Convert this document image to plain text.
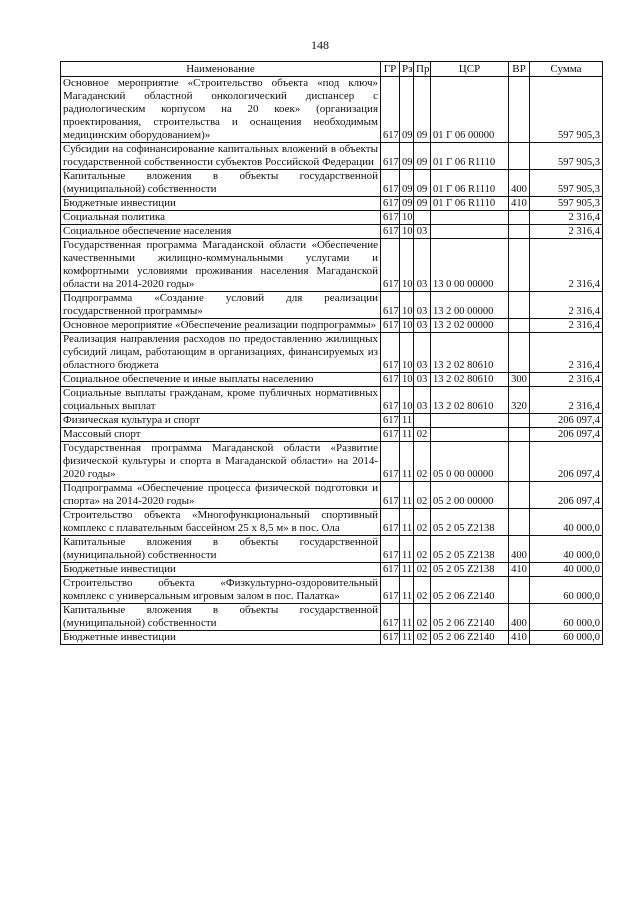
148
Наименование	ГР	Рз	Пр	ЦСР	ВР	Сумма
Основное мероприятие «Строительство объекта «под ключ» Магаданский областной онкологический диспансер с радиологическим корпусом на 20 коек» (организация проектирования, строительства и оснащения необходимым медицинским оборудованием)»	617	09	09	01 Г 06 00000		597 905,3
Субсидии на софинансирование капитальных вложений в объекты государственной собственности субъектов Российской Федерации	617	09	09	01 Г 06 R1110		597 905,3
Капитальные вложения в объекты государственной (муниципальной) собственности	617	09	09	01 Г 06 R1110	400	597 905,3
Бюджетные инвестиции	617	09	09	01 Г 06 R1110	410	597 905,3
Социальная политика	617	10				2 316,4
Социальное обеспечение населения	617	10	03			2 316,4
Государственная программа Магаданской области «Обеспечение качественными жилищно-коммунальными услугами и комфортными условиями проживания населения Магаданской области на 2014-2020 годы»	617	10	03	13 0 00 00000		2 316,4
Подпрограмма «Создание условий для реализации государственной программы»	617	10	03	13 2 00 00000		2 316,4
Основное мероприятие «Обеспечение реализации подпрограммы»	617	10	03	13 2 02 00000		2 316,4
Реализация направления расходов по предоставлению жилищных субсидий лицам, работающим в организациях, финансируемых из областного бюджета	617	10	03	13 2 02 80610		2 316,4
Социальное обеспечение и иные выплаты населению	617	10	03	13 2 02 80610	300	2 316,4
Социальные выплаты гражданам, кроме публичных нормативных социальных выплат	617	10	03	13 2 02 80610	320	2 316,4
Физическая культура и спорт	617	11				206 097,4
Массовый спорт	617	11	02			206 097,4
Государственная программа Магаданской области «Развитие физической культуры и спорта в Магаданской области» на 2014-2020 годы»	617	11	02	05 0 00 00000		206 097,4
Подпрограмма «Обеспечение процесса физической подготовки и спорта» на 2014-2020 годы»	617	11	02	05 2 00 00000		206 097,4
Строительство объекта «Многофункциональный спортивный комплекс с плавательным бассейном 25 х 8,5 м» в пос. Ола	617	11	02	05 2 05 Z2138		40 000,0
Капитальные вложения в объекты государственной (муниципальной) собственности	617	11	02	05 2 05 Z2138	400	40 000,0
Бюджетные инвестиции	617	11	02	05 2 05 Z2138	410	40 000,0
Строительство объекта «Физкультурно-оздоровительный комплекс с универсальным игровым залом в пос. Палатка»	617	11	02	05 2 06 Z2140		60 000,0
Капитальные вложения в объекты государственной (муниципальной) собственности	617	11	02	05 2 06 Z2140	400	60 000,0
Бюджетные инвестиции	617	11	02	05 2 06 Z2140	410	60 000,0
